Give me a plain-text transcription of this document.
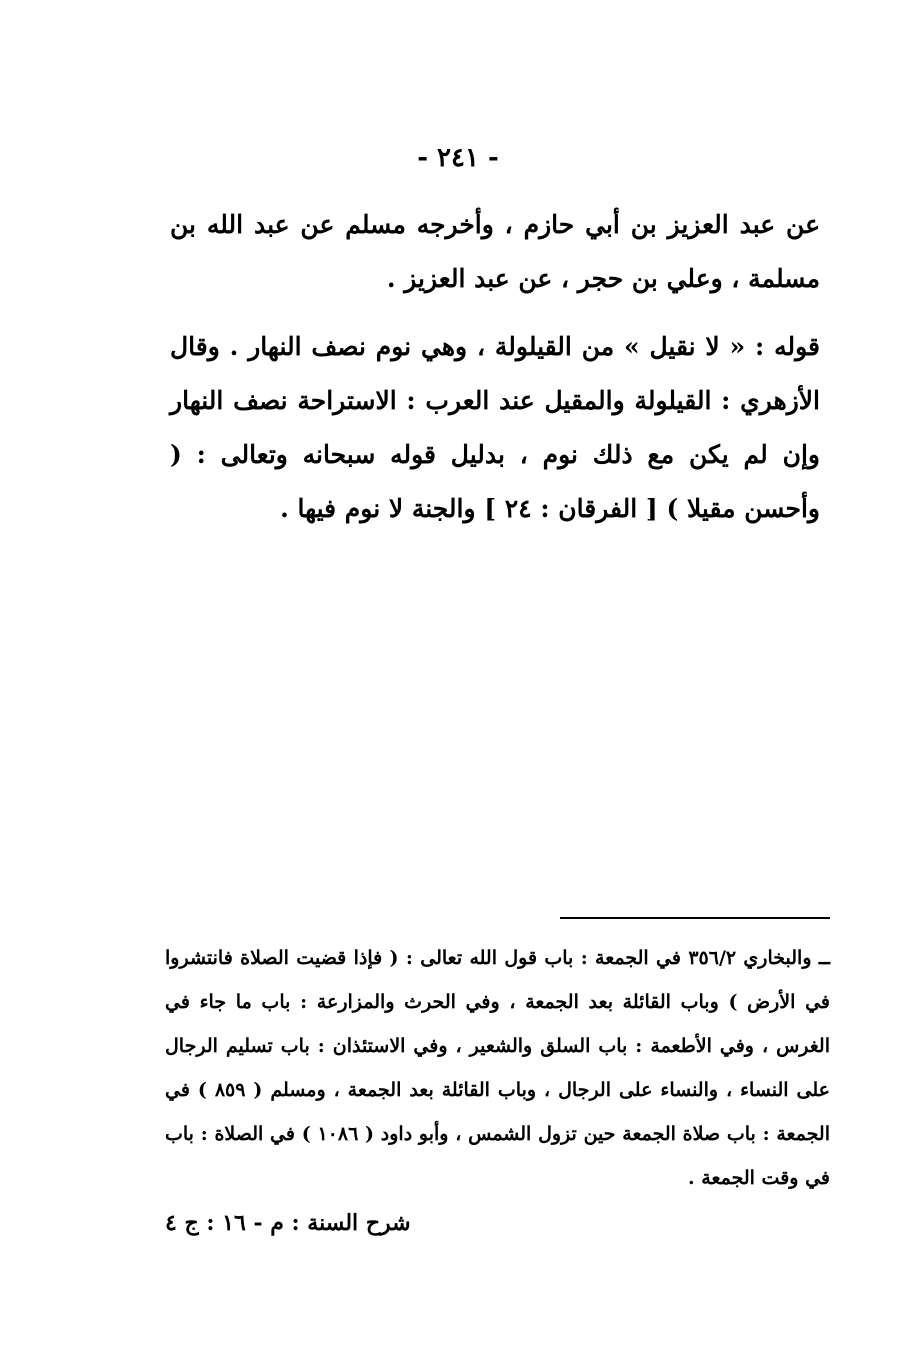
- ٢٤١ -

عن عبد العزيز بن أبي حازم ، وأخرجه مسلم عن عبد الله بن مسلمة ، وعلي بن حجر ، عن عبد العزيز .

قوله : « لا نقيل » من القيلولة ، وهي نوم نصف النهار . وقال الأزهري : القيلولة والمقيل عند العرب : الاستراحة نصف النهار وإن لم يكن مع ذلك نوم ، بدليل قوله سبحانه وتعالى : ( وأحسن مقيلا ) [ الفرقان : ٢٤ ] والجنة لا نوم فيها .

ــ والبخاري ٣٥٦/٢ في الجمعة : باب قول الله تعالى : ( فإذا قضيت الصلاة فانتشروا في الأرض ) وباب القائلة بعد الجمعة ، وفي الحرث والمزارعة : باب ما جاء في الغرس ، وفي الأطعمة : باب السلق والشعير ، وفي الاستئذان : باب تسليم الرجال على النساء ، والنساء على الرجال ، وباب القائلة بعد الجمعة ، ومسلم ( ٨٥٩ ) في الجمعة : باب صلاة الجمعة حين تزول الشمس ، وأبو داود ( ١٠٨٦ ) في الصلاة : باب في وقت الجمعة .

شرح السنة : م - ١٦ : ج ٤
